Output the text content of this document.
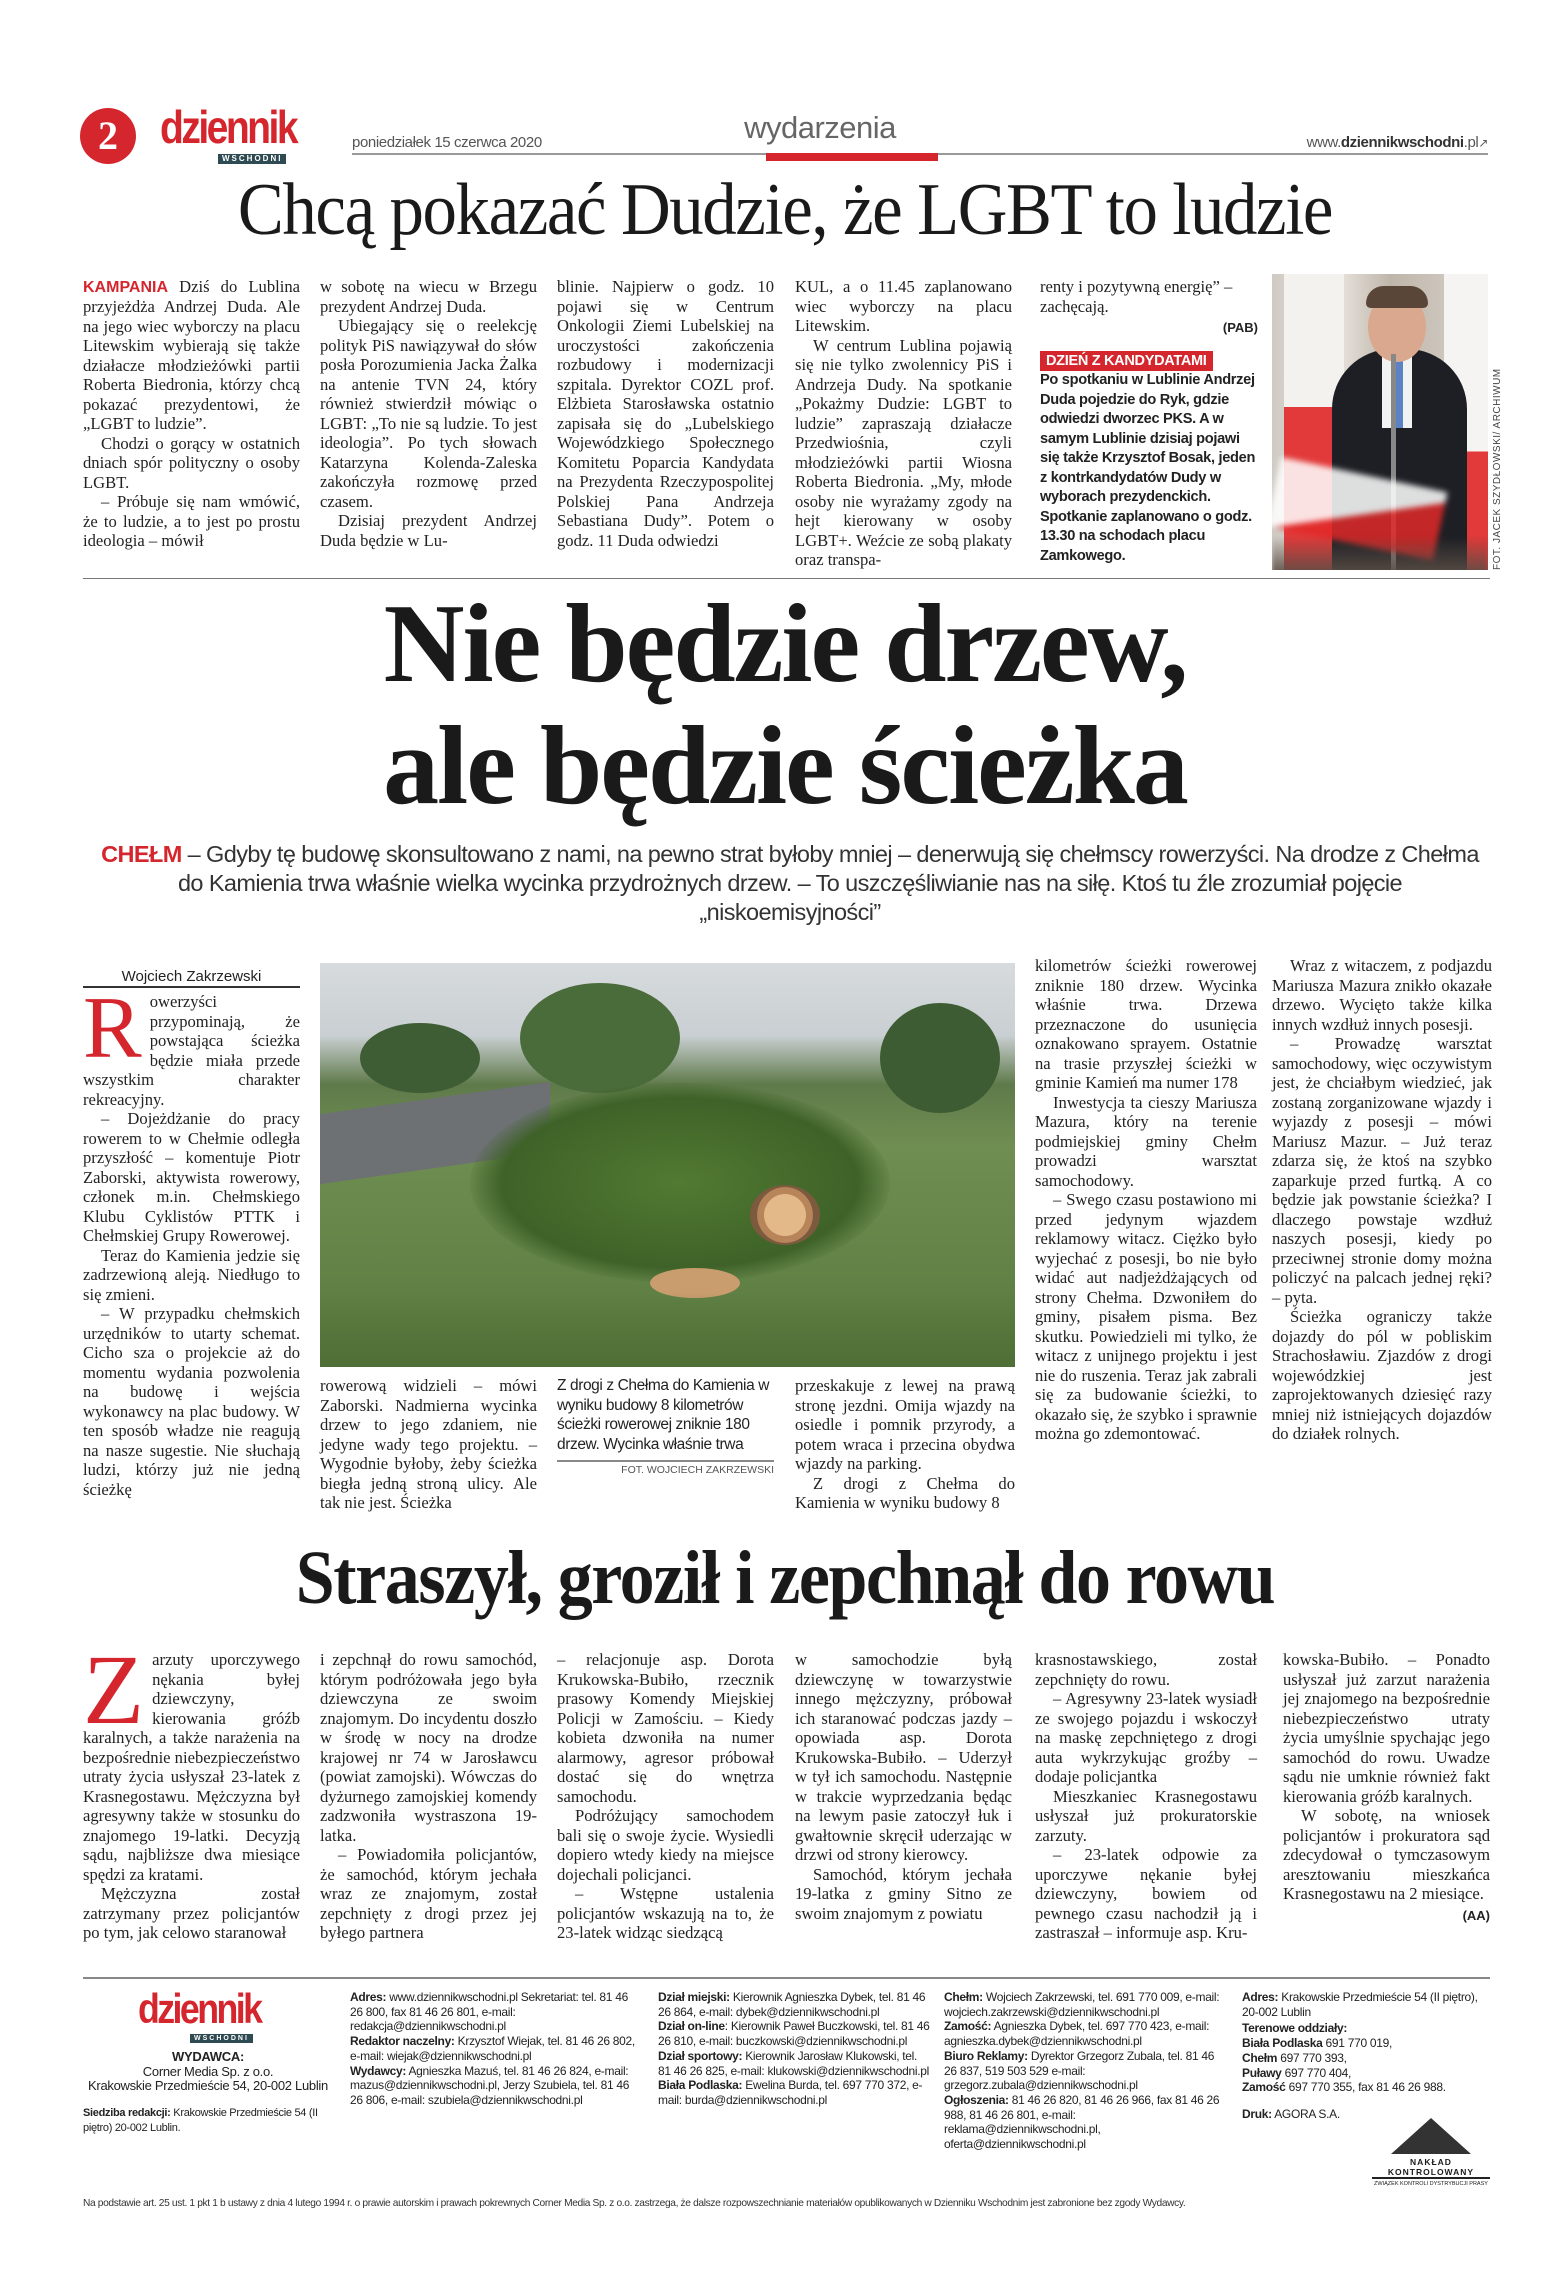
2 dziennik
WSCHODNI
poniedziałek 15 czerwca 2020	wydarzenia	www.dziennikwschodni.pl↗
Chcą pokazać Dudzie, że LGBT to ludzie

KAMPANIA Dziś do Lublina przyjeżdża Andrzej Duda. Ale na jego wiec wyborczy na placu Litewskim wybierają się także działacze młodzieżówki partii Roberta Biedronia, którzy chcą pokazać prezydentowi, że „LGBT to ludzie”.

Chodzi o gorący w ostatnich dniach spór polityczny o osoby LGBT.

– Próbuje się nam wmówić, że to ludzie, a to jest po prostu ideologia – mówił

w sobotę na wiecu w Brzegu prezydent Andrzej Duda.

Ubiegający się o reelekcję polityk PiS nawiązywał do słów posła Porozumienia Jacka Żalka na antenie TVN 24, który również stwierdził mówiąc o LGBT: „To nie są ludzie. To jest ideologia”. Po tych słowach Katarzyna Kolenda-Zaleska zakończyła rozmowę przed czasem.

Dzisiaj prezydent Andrzej Duda będzie w Lu-

blinie. Najpierw o godz. 10 pojawi się w Centrum Onkologii Ziemi Lubelskiej na uroczystości zakończenia rozbudowy i modernizacji szpitala. Dyrektor COZL prof. Elżbieta Starosławska ostatnio zapisała się do „Lubelskiego Wojewódzkiego Społecznego Komitetu Poparcia Kandydata na Prezydenta Rzeczypospolitej Polskiej Pana Andrzeja Sebastiana Dudy”. Potem o godz. 11 Duda odwiedzi

KUL, a o 11.45 zaplanowano wiec wyborczy na placu Litewskim.

W centrum Lublina pojawią się nie tylko zwolennicy PiS i Andrzeja Dudy. Na spotkanie „Pokażmy Dudzie: LGBT to ludzie” zapraszają działacze Przedwiośnia, czyli młodzieżówki partii Wiosna Roberta Biedronia. „My, młode osoby nie wyrażamy zgody na hejt kierowany w osoby LGBT+. Weźcie ze sobą plakaty oraz transpa-

renty i pozytywną energię” – zachęcają.

(PAB)
DZIEŃ Z KANDYDATAMI
Po spotkaniu w Lublinie Andrzej Duda pojedzie do Ryk, gdzie odwiedzi dworzec PKS. A w samym Lublinie dzisiaj pojawi się także Krzysztof Bosak, jeden z kontrkandydatów Dudy w wyborach prezydenckich. Spotkanie zaplanowano o godz. 13.30 na schodach placu Zamkowego.	FOT. JACEK SZYDŁOWSKI/ ARCHIWUM
Nie będzie drzew,
ale będzie ścieżka
CHEŁM – Gdyby tę budowę skonsultowano z nami, na pewno strat byłoby mniej – denerwują się chełmscy rowerzyści. Na drodze z Chełma do Kamienia trwa właśnie wielka wycinka przydrożnych drzew. – To uszczęśliwianie nas na siłę. Ktoś tu źle zrozumiał pojęcie „niskoemisyjności”
Wojciech Zakrzewski
R owerzyści przypominają, że powstająca ścieżka będzie miała przede wszystkim charakter rekreacyjny.

– Dojeżdżanie do pracy rowerem to w Chełmie odległa przyszłość – komentuje Piotr Zaborski, aktywista rowerowy, członek m.in. Chełmskiego Klubu Cyklistów PTTK i Chełmskiej Grupy Rowerowej.

Teraz do Kamienia jedzie się zadrzewioną aleją. Niedługo to się zmieni.

– W przypadku chełmskich urzędników to utarty schemat. Cicho sza o projekcie aż do momentu wydania pozwolenia na budowę i wejścia wykonawcy na plac budowy. W ten sposób władze nie reagują na nasze sugestie. Nie słuchają ludzi, którzy już nie jedną ścieżkę

rowerową widzieli – mówi Zaborski. Nadmierna wycinka drzew to jego zdaniem, nie jedyne wady tego projektu. – Wygodnie byłoby, żeby ścieżka biegła jedną stroną ulicy. Ale tak nie jest. Ścieżka

Z drogi z Chełma do Kamienia w wyniku budowy 8 kilometrów ścieżki rowerowej zniknie 180 drzew. Wycinka właśnie trwa
FOT. WOJCIECH ZAKRZEWSKI

przeskakuje z lewej na prawą stronę jezdni. Omija wjazdy na osiedle i pomnik przyrody, a potem wraca i przecina obydwa wjazdy na parking.

Z drogi z Chełma do Kamienia w wyniku budowy 8

kilometrów ścieżki rowerowej zniknie 180 drzew. Wycinka właśnie trwa. Drzewa przeznaczone do usunięcia oznakowano sprayem. Ostatnie na trasie przyszłej ścieżki w gminie Kamień ma numer 178

Inwestycja ta cieszy Mariusza Mazura, który na terenie podmiejskiej gminy Chełm prowadzi warsztat samochodowy.

– Swego czasu postawiono mi przed jedynym wjazdem reklamowy witacz. Ciężko było wyjechać z posesji, bo nie było widać aut nadjeżdżających od strony Chełma. Dzwoniłem do gminy, pisałem pisma. Bez skutku. Powiedzieli mi tylko, że witacz z unijnego projektu i jest nie do ruszenia. Teraz jak zabrali się za budowanie ścieżki, to okazało się, że szybko i sprawnie można go zdemontować.

Wraz z witaczem, z podjazdu Mariusza Mazura znikło okazałe drzewo. Wycięto także kilka innych wzdłuż innych posesji.

– Prowadzę warsztat samochodowy, więc oczywistym jest, że chciałbym wiedzieć, jak zostaną zorganizowane wjazdy i wyjazdy z posesji – mówi Mariusz Mazur. – Już teraz zdarza się, że ktoś na szybko zaparkuje przed furtką. A co będzie jak powstanie ścieżka? I dlaczego powstaje wzdłuż naszych posesji, kiedy po przeciwnej stronie domy można policzyć na palcach jednej ręki? – pyta.

Ścieżka ograniczy także dojazdy do pól w pobliskim Strachosławiu. Zjazdów z drogi wojewódzkiej jest zaprojektowanych dziesięć razy mniej niż istniejących dojazdów do działek rolnych.

Straszył, groził i zepchnął do rowu
Z arzuty uporczywego nękania byłej dziewczyny, kierowania gróźb karalnych, a także narażenia na bezpośrednie niebezpieczeństwo utraty życia usłyszał 23-latek z Krasnegostawu. Mężczyzna był agresywny także w stosunku do znajomego 19-latki. Decyzją sądu, najbliższe dwa miesiące spędzi za kratami.

Mężczyzna został zatrzymany przez policjantów po tym, jak celowo staranował

i zepchnął do rowu samochód, którym podróżowała jego była dziewczyna ze swoim znajomym. Do incydentu doszło w środę w nocy na drodze krajowej nr 74 w Jarosławcu (powiat zamojski). Wówczas do dyżurnego zamojskiej komendy zadzwoniła wystraszona 19-latka.

– Powiadomiła policjantów, że samochód, którym jechała wraz ze znajomym, został zepchnięty z drogi przez jej byłego partnera

– relacjonuje asp. Dorota Krukowska-Bubiło, rzecznik prasowy Komendy Miejskiej Policji w Zamościu. – Kiedy kobieta dzwoniła na numer alarmowy, agresor próbował dostać się do wnętrza samochodu.

Podróżujący samochodem bali się o swoje życie. Wysiedli dopiero wtedy kiedy na miejsce dojechali policjanci.

– Wstępne ustalenia policjantów wskazują na to, że 23-latek widząc siedzącą

w samochodzie byłą dziewczynę w towarzystwie innego mężczyzny, próbował ich staranować podczas jazdy – opowiada asp. Dorota Krukowska-Bubiło. – Uderzył w tył ich samochodu. Następnie w trakcie wyprzedzania będąc na lewym pasie zatoczył łuk i gwałtownie skręcił uderzając w drzwi od strony kierowcy.

Samochód, którym jechała 19-latka z gminy Sitno ze swoim znajomym z powiatu

krasnostawskiego, został zepchnięty do rowu.

– Agresywny 23-latek wysiadł ze swojego pojazdu i wskoczył na maskę zepchniętego z drogi auta wykrzykując groźby – dodaje policjantka

Mieszkaniec Krasnegostawu usłyszał już prokuratorskie zarzuty.

– 23-latek odpowie za uporczywe nękanie byłej dziewczyny, bowiem od pewnego czasu nachodził ją i zastraszał – informuje asp. Kru-

kowska-Bubiło. – Ponadto usłyszał już zarzut narażenia jej znajomego na bezpośrednie niebezpieczeństwo utraty życia umyślnie spychając jego samochód do rowu. Uwadze sądu nie umknie również fakt kierowania gróźb karalnych.

W sobotę, na wniosek policjantów i prokuratora sąd zdecydował o tymczasowym aresztowaniu mieszkańca Krasnegostawu na 2 miesiące.

(AA)
dziennik
WSCHODNI
WYDAWCA:
Corner Media Sp. z o.o.
Krakowskie Przedmieście 54, 20-002 Lublin
Siedziba redakcji: Krakowskie Przedmieście 54 (II piętro) 20-002 Lublin.
Adres: www.dziennikwschodni.pl Sekretariat: tel. 81 46 26 800, fax 81 46 26 801, e-mail: redakcja@dziennikwschodni.pl
Redaktor naczelny: Krzysztof Wiejak, tel. 81 46 26 802, e-mail: wiejak@dziennikwschodni.pl
Wydawcy: Agnieszka Mazuś, tel. 81 46 26 824, e-mail: mazus@dziennikwschodni.pl, Jerzy Szubiela, tel. 81 46 26 806, e-mail: szubiela@dziennikwschodni.pl
Dział miejski: Kierownik Agnieszka Dybek, tel. 81 46 26 864, e-mail: dybek@dziennikwschodni.pl
Dział on-line: Kierownik Paweł Buczkowski, tel. 81 46 26 810, e-mail: buczkowski@dziennikwschodni.pl
Dział sportowy: Kierownik Jarosław Klukowski, tel. 81 46 26 825, e-mail: klukowski@dziennikwschodni.pl
Biała Podlaska: Ewelina Burda, tel. 697 770 372, e-mail: burda@dziennikwschodni.pl
Chełm: Wojciech Zakrzewski, tel. 691 770 009, e-mail: wojciech.zakrzewski@dziennikwschodni.pl
Zamość: Agnieszka Dybek, tel. 697 770 423, e-mail: agnieszka.dybek@dziennikwschodni.pl
Biuro Reklamy: Dyrektor Grzegorz Zubala, tel. 81 46 26 837, 519 503 529 e-mail: grzegorz.zubala@dziennikwschodni.pl
Ogłoszenia: 81 46 26 820, 81 46 26 966, fax 81 46 26 988, 81 46 26 801, e-mail: reklama@dziennikwschodni.pl, oferta@dziennikwschodni.pl
Adres: Krakowskie Przedmieście 54 (II piętro), 20-002 Lublin
Terenowe oddziały:
Biała Podlaska 691 770 019,
Chełm 697 770 393,
Puławy 697 770 404,
Zamość 697 770 355, fax 81 46 26 988.
Druk: AGORA S.A.
NAKŁAD KONTROLOWANY
ZWIĄZEK KONTROLI DYSTRYBUCJI PRASY
Na podstawie art. 25 ust. 1 pkt 1 b ustawy z dnia 4 lutego 1994 r. o prawie autorskim i prawach pokrewnych Corner Media Sp. z o.o. zastrzega, że dalsze rozpowszechnianie materiałów opublikowanych w Dzienniku Wschodnim jest zabronione bez zgody Wydawcy.
